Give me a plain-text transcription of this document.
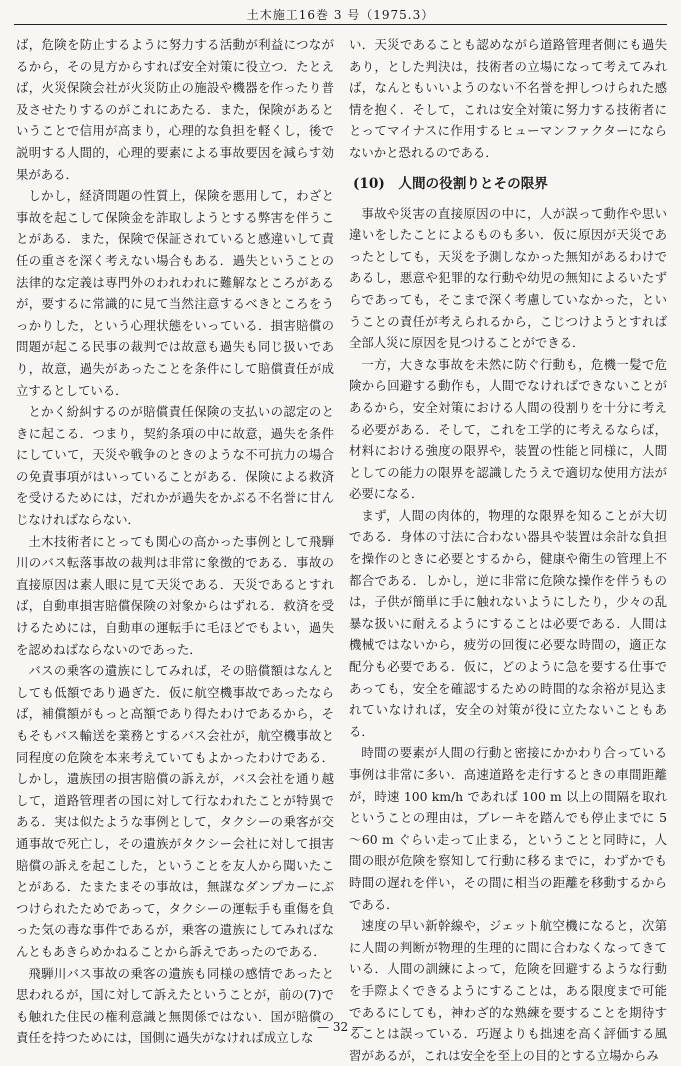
土木施工16巻 3 号（1975.3）

ば，危険を防止するように努力する活動が利益につながるから，その見方からすれば安全対策に役立つ．たとえば，火災保険会社が火災防止の施設や機器を作ったり普及させたりするのがこれにあたる．また，保険があるということで信用が高まり，心理的な負担を軽くし，後で説明する人間的，心理的要素による事故要因を減らす効果がある．

しかし，経済問題の性質上，保険を悪用して，わざと事故を起こして保険金を詐取しようとする弊害を伴うことがある．また，保険で保証されていると感違いして責任の重さを深く考えない場合もある．過失ということの法律的な定義は専門外のわれわれに難解なところがあるが，要するに常識的に見て当然注意するべきところをうっかりした，という心理状態をいっている．損害賠償の問題が起こる民事の裁判では故意も過失も同じ扱いであり，故意，過失があったことを条件にして賠償責任が成立するとしている．

とかく紛糾するのが賠償責任保険の支払いの認定のときに起こる．つまり，契約条項の中に故意，過失を条件にしていて，天災や戦争のときのような不可抗力の場合の免責事項がはいっていることがある．保険による救済を受けるためには，だれかが過失をかぶる不名誉に甘んじなければならない．

土木技術者にとっても関心の高かった事例として飛騨川のバス転落事故の裁判は非常に象徴的である．事故の直接原因は素人眼に見て天災である．天災であるとすれば，自動車損害賠償保険の対象からはずれる．救済を受けるためには，自動車の運転手に毛ほどでもよい，過失を認めねばならないのであった．

バスの乗客の遺族にしてみれば，その賠償額はなんとしても低額であり過ぎた．仮に航空機事故であったならば，補償額がもっと高額であり得たわけであるから，そもそもバス輸送を業務とするバス会社が，航空機事故と同程度の危険を本来考えていてもよかったわけである．しかし，遺族団の損害賠償の訴えが，バス会社を通り越して，道路管理者の国に対して行なわれたことが特異である．実は似たような事例として，タクシーの乗客が交通事故で死亡し，その遺族がタクシー会社に対して損害賠償の訴えを起こした，ということを友人から聞いたことがある．たまたまその事故は，無謀なダンプカーにぶつけられたためであって，タクシーの運転手も重傷を負った気の毒な事件であるが，乗客の遺族にしてみればなんともあきらめかねることから訴えであったのである．

飛騨川バス事故の乗客の遺族も同様の感情であったと思われるが，国に対して訴えたということが，前の(7)でも触れた住民の権利意識と無関係ではない．国が賠償の責任を持つためには，国側に過失がなければ成立しな

い．天災であることも認めながら道路管理者側にも過失あり，とした判決は，技術者の立場になって考えてみれば，なんともいいようのない不名誉を押しつけられた感情を抱く．そして，これは安全対策に努力する技術者にとってマイナスに作用するヒューマンファクターにならないかと恐れるのである．

(10)　人間の役割りとその限界

事故や災害の直接原因の中に，人が誤って動作や思い違いをしたことによるものも多い．仮に原因が天災であったとしても，天災を予測しなかった無知があるわけであるし，悪意や犯罪的な行動や幼児の無知によるいたずらであっても，そこまで深く考慮していなかった，ということの責任が考えられるから，こじつけようとすれば全部人災に原因を見つけることができる．

一方，大きな事故を未然に防ぐ行動も，危機一髪で危険から回避する動作も，人間でなければできないことがあるから，安全対策における人間の役割りを十分に考える必要がある．そして，これを工学的に考えるならば，材料における強度の限界や，装置の性能と同様に，人間としての能力の限界を認識したうえで適切な使用方法が必要になる．

まず，人間の肉体的，物理的な限界を知ることが大切である．身体の寸法に合わない器具や装置は余計な負担を操作のときに必要とするから，健康や衛生の管理上不都合である．しかし，逆に非常に危険な操作を伴うものは，子供が簡単に手に触れないようにしたり，少々の乱暴な扱いに耐えるようにすることは必要である．人間は機械ではないから，疲労の回復に必要な時間の，適正な配分も必要である．仮に，どのように急を要する仕事であっても，安全を確認するための時間的な余裕が見込まれていなければ，安全の対策が役に立たないこともある．

時間の要素が人間の行動と密接にかかわり合っている事例は非常に多い．高速道路を走行するときの車間距離が，時速 100 km/h であれば 100 m 以上の間隔を取れということの理由は，ブレーキを踏んでも停止までに 5～60 m ぐらい走って止まる，ということと同時に，人間の眼が危険を察知して行動に移るまでに，わずかでも時間の遅れを伴い，その間に相当の距離を移動するからである．

速度の早い新幹線や，ジェット航空機になると，次第に人間の判断が物理的生理的に間に合わなくなってきている．人間の訓練によって，危険を回避するような行動を手際よくできるようにすることは，ある限度まで可能であるにしても，神わざ的な熟練を要することを期待することは誤っている．巧遅よりも拙速を高く評価する風習があるが，これは安全を至上の目的とする立場からみ

— 32 —
